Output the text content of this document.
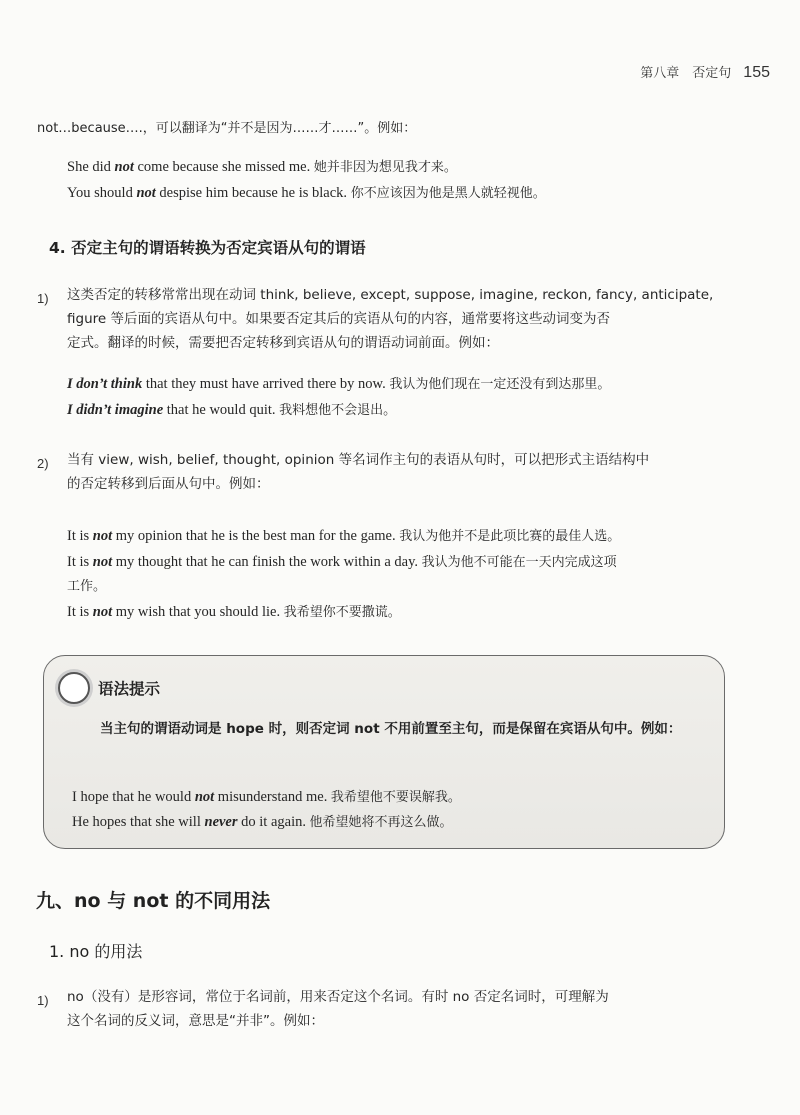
第八章　否定句 155
not…because….，可以翻译为“并不是因为……才……”。例如：
She did not come because she missed me. 她并非因为想见我才来。
You should not despise him because he is black. 你不应该因为他是黑人就轻视他。
4. 否定主句的谓语转换为否定宾语从句的谓语
1) 这类否定的转移常常出现在动词 think, believe, except, suppose, imagine, reckon, fancy, anticipate,
figure 等后面的宾语从句中。如果要否定其后的宾语从句的内容，通常要将这些动词变为否
定式。翻译的时候，需要把否定转移到宾语从句的谓语动词前面。例如：
I don’t think that they must have arrived there by now. 我认为他们现在一定还没有到达那里。
I didn’t imagine that he would quit. 我料想他不会退出。
2) 当有 view, wish, belief, thought, opinion 等名词作主句的表语从句时，可以把形式主语结构中
的否定转移到后面从句中。例如：
It is not my opinion that he is the best man for the game. 我认为他并不是此项比赛的最佳人选。
It is not my thought that he can finish the work within a day. 我认为他不可能在一天内完成这项
工作。
It is not my wish that you should lie. 我希望你不要撒谎。
语法提示
当主句的谓语动词是 hope 时，则否定词 not 不用前置至主句，而是保留在宾语从句中。例如：
I hope that he would not misunderstand me. 我希望他不要误解我。
He hopes that she will never do it again. 他希望她将不再这么做。
九、no 与 not 的不同用法
1. no 的用法
1) no（没有）是形容词，常位于名词前，用来否定这个名词。有时 no 否定名词时，可理解为
这个名词的反义词，意思是“并非”。例如：
